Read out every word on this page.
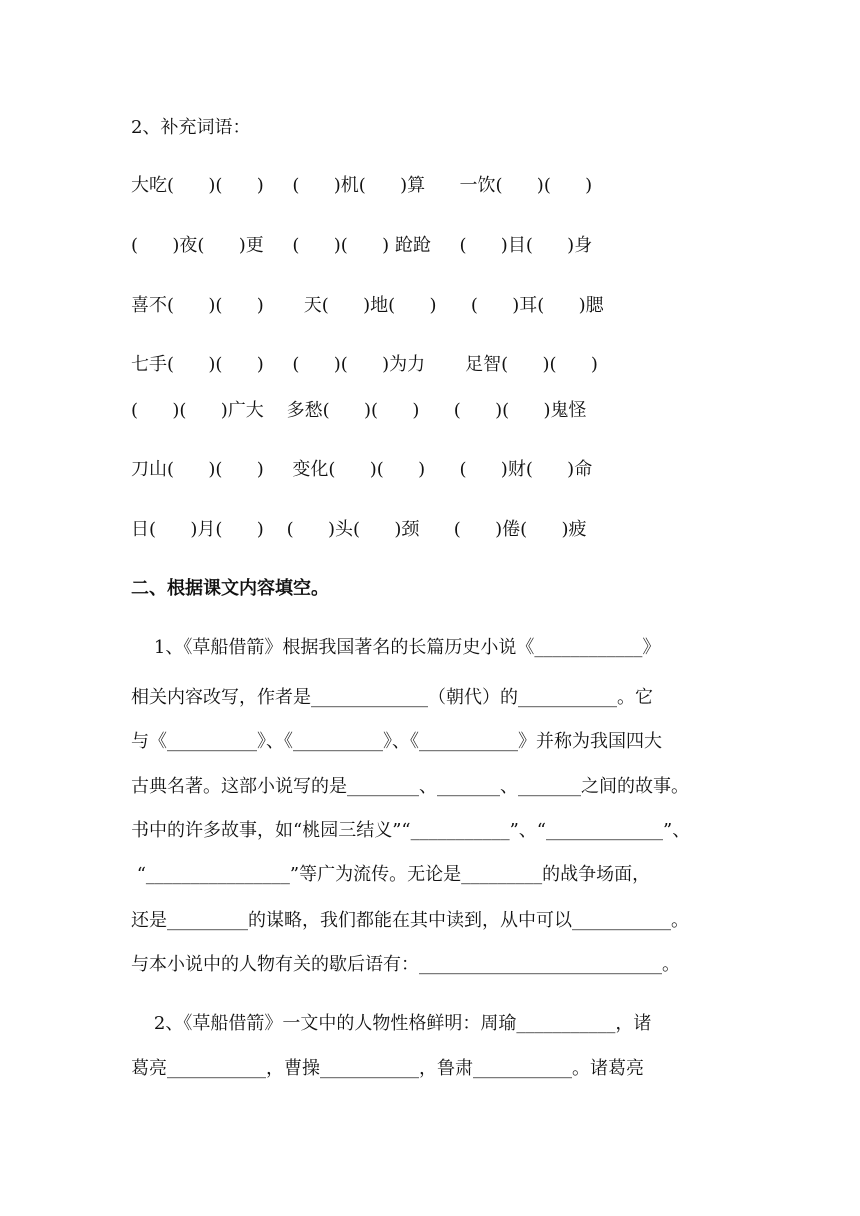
2、补充词语：
大吃(      )(      )     (      )机(      )算      一饮(      )(      )
(      )夜(      )更     (      )(      ) 跄跄     (      )目(      )身
喜不(      )(      )       天(      )地(      )      (      )耳(      )腮
七手(      )(      )     (      )(      )为力       足智(      )(      )
(      )(      )广大    多愁(      )(      )      (      )(      )鬼怪
刀山(      )(      )     变化(      )(      )      (      )财(      )命
日(      )月(      )    (      )头(      )颈      (      )倦(      )疲
二、根据课文内容填空。
1、《草船借箭》根据我国著名的长篇历史小说《____________》
相关内容改写，作者是_____________（朝代）的___________。它
与《__________》、《__________》、《___________》并称为我国四大
古典名著。这部小说写的是________、_______、_______之间的故事。
书中的许多故事，如“桃园三结义”“___________”、“_____________”、
“________________”等广为流传。无论是_________的战争场面，
还是_________的谋略，我们都能在其中读到，从中可以___________。
与本小说中的人物有关的歇后语有：___________________________。
2、《草船借箭》一文中的人物性格鲜明：周瑜___________，诸
葛亮___________，曹操___________，鲁肃___________。诸葛亮
